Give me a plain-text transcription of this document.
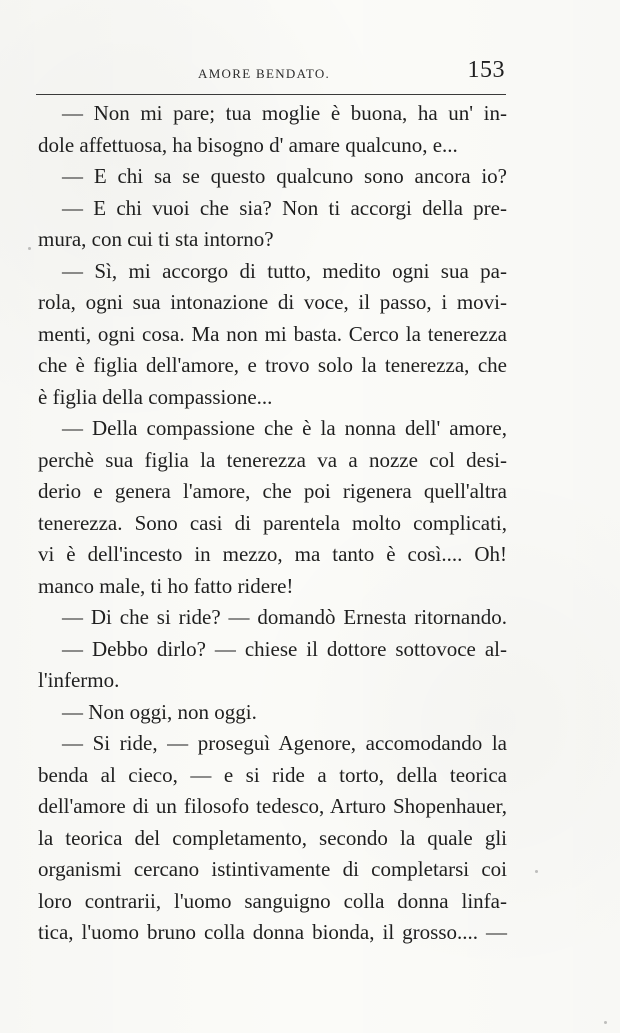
AMORE BENDATO.	153
— Non mi pare; tua moglie è buona, ha un' in-
dole affettuosa, ha bisogno d' amare qualcuno, e...
— E chi sa se questo qualcuno sono ancora io?
— E chi vuoi che sia? Non ti accorgi della pre-
mura, con cui ti sta intorno?
— Sì, mi accorgo di tutto, medito ogni sua pa-
rola, ogni sua intonazione di voce, il passo, i movi-
menti, ogni cosa. Ma non mi basta. Cerco la tenerezza
che è figlia dell'amore, e trovo solo la tenerezza, che
è figlia della compassione...
— Della compassione che è la nonna dell' amore,
perchè sua figlia la tenerezza va a nozze col desi-
derio e genera l'amore, che poi rigenera quell'altra
tenerezza. Sono casi di parentela molto complicati,
vi è dell'incesto in mezzo, ma tanto è così.... Oh!
manco male, ti ho fatto ridere!
— Di che si ride? — domandò Ernesta ritornando.
— Debbo dirlo? — chiese il dottore sottovoce al-
l'infermo.
— Non oggi, non oggi.
— Si ride, — proseguì Agenore, accomodando la
benda al cieco, — e si ride a torto, della teorica
dell'amore di un filosofo tedesco, Arturo Shopenhauer,
la teorica del completamento, secondo la quale gli
organismi cercano istintivamente di completarsi coi
loro contrarii, l'uomo sanguigno colla donna linfa-
tica, l'uomo bruno colla donna bionda, il grosso.... —
